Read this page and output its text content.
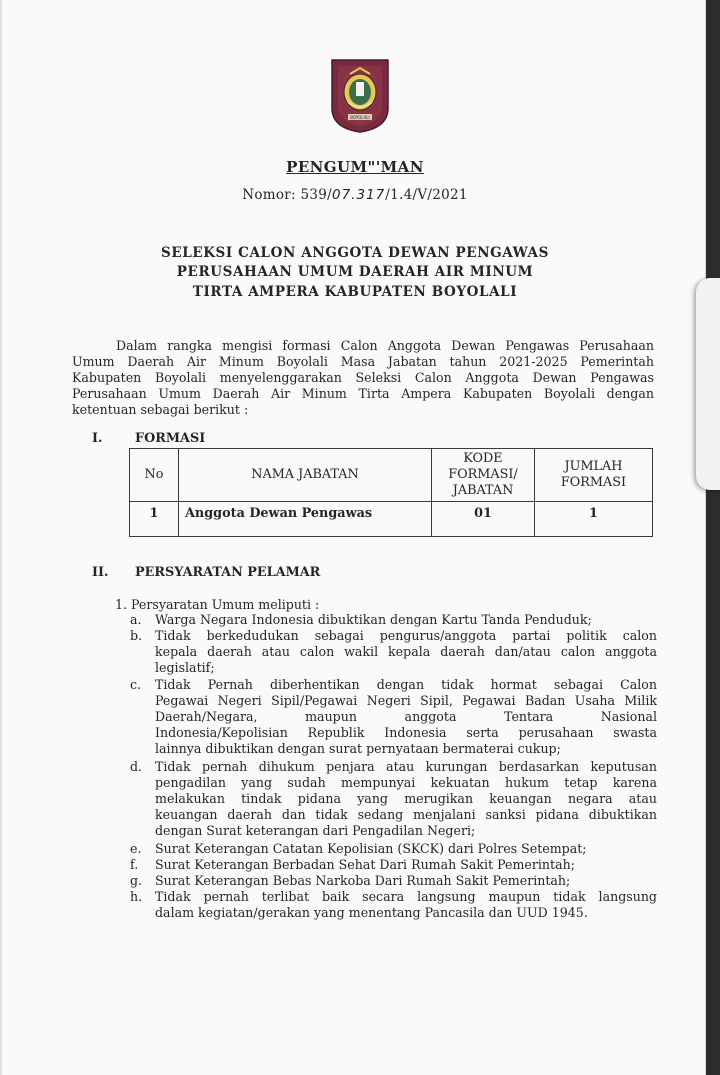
BOYOLALI
PENGUM"'MAN
Nomor: 539/07.317/1.4/V/2021
SELEKSI CALON ANGGOTA DEWAN PENGAWAS
PERUSAHAAN UMUM DAERAH AIR MINUM
TIRTA AMPERA KABUPATEN BOYOLALI
Dalam rangka mengisi formasi Calon Anggota Dewan Pengawas Perusahaan
Umum Daerah Air Minum Boyolali Masa Jabatan tahun 2021-2025 Pemerintah
Kabupaten Boyolali menyelenggarakan Seleksi Calon Anggota Dewan Pengawas
Perusahaan Umum Daerah Air Minum Tirta Ampera Kabupaten Boyolali dengan
ketentuan sebagai berikut :
I.	FORMASI
No	NAMA JABATAN	KODE FORMASI/ JABATAN	JUMLAH FORMASI
1	Anggota Dewan Pengawas	01	1
II. PERSYARATAN PELAMAR
1. Persyaratan Umum meliputi :
a.	Warga Negara Indonesia dibuktikan dengan Kartu Tanda Penduduk;
b.	Tidak berkedudukan sebagai pengurus/anggota partai politik calon
kepala daerah atau calon wakil kepala daerah dan/atau calon anggota
legislatif;
c.	Tidak Pernah diberhentikan dengan tidak hormat sebagai Calon
Pegawai Negeri Sipil/Pegawai Negeri Sipil, Pegawai Badan Usaha Milik
Daerah/Negara, maupun anggota Tentara Nasional
Indonesia/Kepolisian Republik Indonesia serta perusahaan swasta
lainnya dibuktikan dengan surat pernyataan bermaterai cukup;
d.	Tidak pernah dihukum penjara atau kurungan berdasarkan keputusan
pengadilan yang sudah mempunyai kekuatan hukum tetap karena
melakukan tindak pidana yang merugikan keuangan negara atau
keuangan daerah dan tidak sedang menjalani sanksi pidana dibuktikan
dengan Surat keterangan dari Pengadilan Negeri;
e.	Surat Keterangan Catatan Kepolisian (SKCK) dari Polres Setempat;
f.	Surat Keterangan Berbadan Sehat Dari Rumah Sakit Pemerintah;
g.	Surat Keterangan Bebas Narkoba Dari Rumah Sakit Pemerintah;
h.	Tidak pernah terlibat baik secara langsung maupun tidak langsung
dalam kegiatan/gerakan yang menentang Pancasila dan UUD 1945.
